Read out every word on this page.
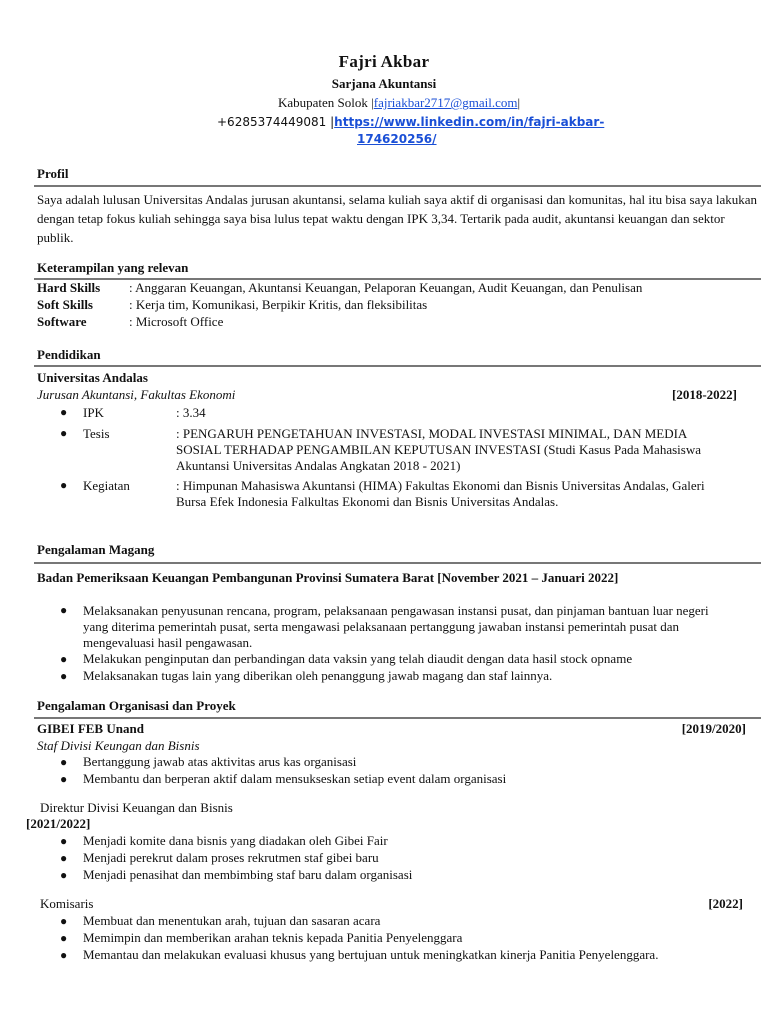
Fajri Akbar
Sarjana Akuntansi
Kabupaten Solok |fajriakbar2717@gmail.com|
+6285374449081 |https://www.linkedin.com/in/fajri-akbar-
174620256/
Profil
Saya adalah lulusan Universitas Andalas jurusan akuntansi, selama kuliah saya aktif di organisasi dan komunitas, hal itu bisa saya lakukan dengan tetap fokus kuliah sehingga saya bisa lulus tepat waktu dengan IPK 3,34. Tertarik pada audit, akuntansi keuangan dan sektor publik.
Keterampilan yang relevan
Hard Skills : Anggaran Keuangan, Akuntansi Keuangan, Pelaporan Keuangan, Audit Keuangan, dan Penulisan
Soft Skills	: Kerja tim, Komunikasi, Berpikir Kritis, dan fleksibilitas
Software	: Microsoft Office
Pendidikan
Universitas Andalas
Jurusan Akuntansi, Fakultas Ekonomi	[2018-2022]
● IPK	: 3.34
● Tesis	: PENGARUH PENGETAHUAN INVESTASI, MODAL INVESTASI MINIMAL, DAN MEDIA SOSIAL TERHADAP PENGAMBILAN KEPUTUSAN INVESTASI (Studi Kasus Pada Mahasiswa Akuntansi Universitas Andalas Angkatan 2018 - 2021)
● Kegiatan	: Himpunan Mahasiswa Akuntansi (HIMA) Fakultas Ekonomi dan Bisnis Universitas Andalas, Galeri Bursa Efek Indonesia Falkultas Ekonomi dan Bisnis Universitas Andalas.
Pengalaman Magang
Badan Pemeriksaan Keuangan Pembangunan Provinsi Sumatera Barat [November 2021 – Januari 2022]
● Melaksanakan penyusunan rencana, program, pelaksanaan pengawasan instansi pusat, dan pinjaman bantuan luar negeri yang diterima pemerintah pusat, serta mengawasi pelaksanaan pertanggung jawaban instansi pemerintah pusat dan mengevaluasi hasil pengawasan.
● Melakukan penginputan dan perbandingan data vaksin yang telah diaudit dengan data hasil stock opname
● Melaksanakan tugas lain yang diberikan oleh penanggung jawab magang dan staf lainnya.
Pengalaman Organisasi dan Proyek
GIBEI FEB Unand	[2019/2020]
Staf Divisi Keungan dan Bisnis
● Bertanggung jawab atas aktivitas arus kas organisasi
● Membantu dan berperan aktif dalam mensukseskan setiap event dalam organisasi
Direktur Divisi Keuangan dan Bisnis
[2021/2022]
● Menjadi komite dana bisnis yang diadakan oleh Gibei Fair
● Menjadi perekrut dalam proses rekrutmen staf gibei baru
● Menjadi penasihat dan membimbing staf baru dalam organisasi
Komisaris	[2022]
● Membuat dan menentukan arah, tujuan dan sasaran acara
● Memimpin dan memberikan arahan teknis kepada Panitia Penyelenggara
● Memantau dan melakukan evaluasi khusus yang bertujuan untuk meningkatkan kinerja Panitia Penyelenggara.
